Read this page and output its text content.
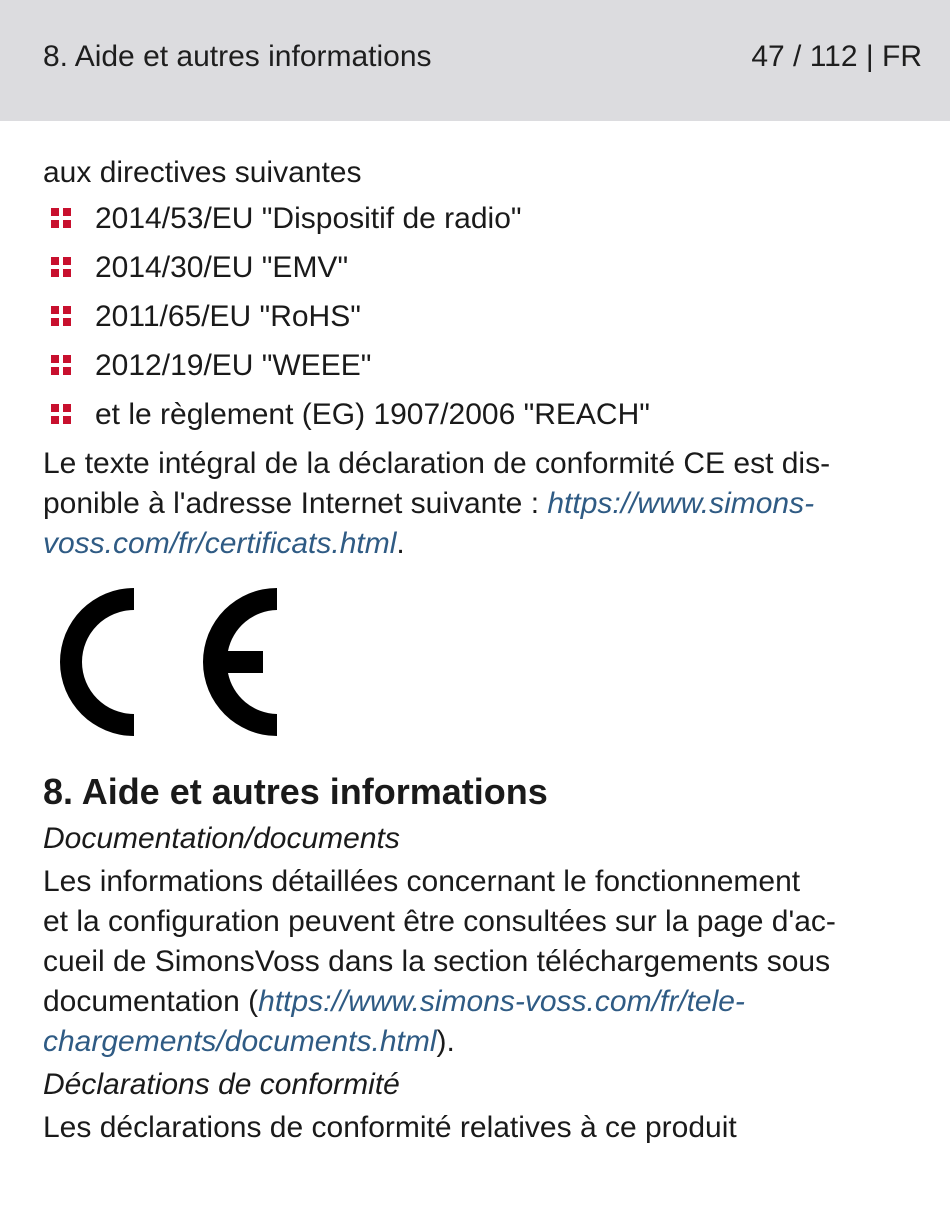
8. Aide et autres informations	47 / 112 | FR

aux directives suivantes

2014/53/EU "Dispositif de radio"
2014/30/EU "EMV"
2011/65/EU "RoHS"
2012/19/EU "WEEE"
et le règlement (EG) 1907/2006 "REACH"

Le texte intégral de la déclaration de conformité CE est dis-
ponible à l'adresse Internet suivante : https://www.simons-
voss.com/fr/certificats.html.

8. Aide et autres informations
Documentation/documents

Les informations détaillées concernant le fonctionnement
et la configuration peuvent être consultées sur la page d'ac-
cueil de SimonsVoss dans la section téléchargements sous
documentation (https://www.simons-voss.com/fr/tele-
chargements/documents.html).

Déclarations de conformité

Les déclarations de conformité relatives à ce produit
